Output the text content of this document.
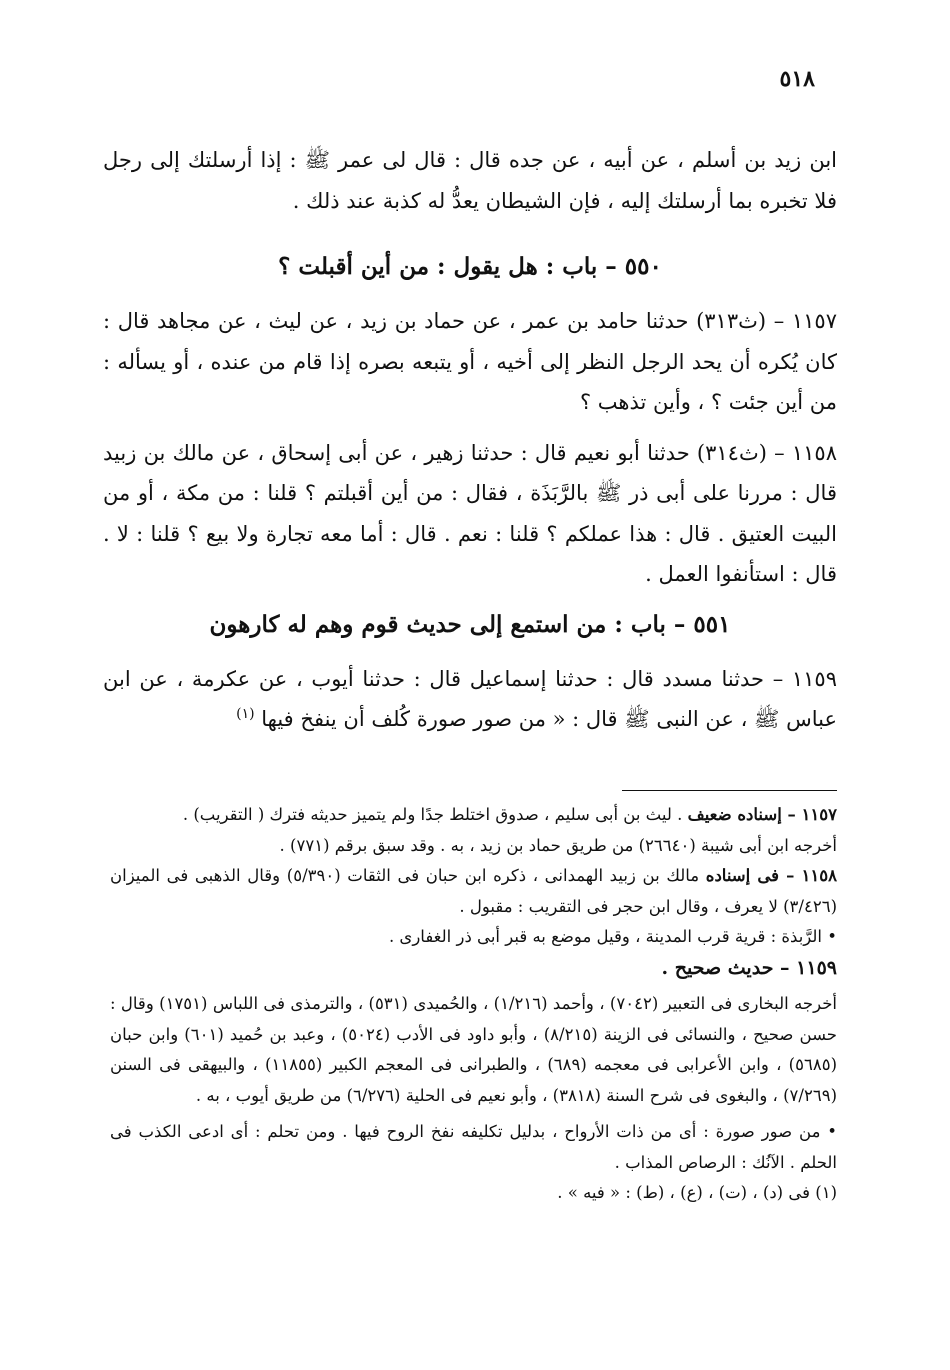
٥١٨

ابن زيد بن أسلم ، عن أبيه ، عن جده قال : قال لى عمر ﷺ : إذا أرسلتك إلى رجل فلا تخبره بما أرسلتك إليه ، فإن الشيطان يعدُّ له كذبة عند ذلك .

٥٥٠ – باب : هل يقول : من أين أقبلت ؟

١١٥٧ – (ث٣١٣) حدثنا حامد بن عمر ، عن حماد بن زيد ، عن ليث ، عن مجاهد قال : كان يُكره أن يحد الرجل النظر إلى أخيه ، أو يتبعه بصره إذا قام من عنده ، أو يسأله : من أين جئت ؟ ، وأين تذهب ؟

١١٥٨ – (ث٣١٤) حدثنا أبو نعيم قال : حدثنا زهير ، عن أبى إسحاق ، عن مالك بن زبيد قال : مررنا على أبى ذر ﷺ بالرَّبَذَة ، فقال : من أين أقبلتم ؟ قلنا : من مكة ، أو من البيت العتيق . قال : هذا عملكم ؟ قلنا : نعم . قال : أما معه تجارة ولا بيع ؟ قلنا : لا . قال : استأنفوا العمل .

٥٥١ – باب : من استمع إلى حديث قوم وهم له كارهون

١١٥٩ – حدثنا مسدد قال : حدثنا إسماعيل قال : حدثنا أيوب ، عن عكرمة ، عن ابن عباس ﷺ ، عن النبى ﷺ قال : « من صور صورة كُلف أن ينفخ فيها $^{(١)}$

١١٥٧ – إسناده ضعيف . ليث بن أبى سليم ، صدوق اختلط جدًا ولم يتميز حديثه فترك ( التقريب) .

أخرجه ابن أبى شيبة (٢٦٦٤٠) من طريق حماد بن زيد ، به . وقد سبق برقم (٧٧١) .

١١٥٨ – فى إسناده مالك بن زبيد الهمدانى ، ذكره ابن حبان فى الثقات (٥/٣٩٠) وقال الذهبى فى الميزان (٣/٤٢٦) لا يعرف ، وقال ابن حجر فى التقريب : مقبول .

• الرَّبذة : قرية قرب المدينة ، وقيل موضع به قبر أبى ذر الغفارى .

١١٥٩ – حديث صحيح .

أخرجه البخارى فى التعبير (٧٠٤٢) ، وأحمد (١/٢١٦) ، والحُميدى (٥٣١) ، والترمذى فى اللباس (١٧٥١) وقال : حسن صحيح ، والنسائى فى الزينة (٨/٢١٥) ، وأبو داود فى الأدب (٥٠٢٤) ، وعبد بن حُميد (٦٠١) وابن حبان (٥٦٨٥) ، وابن الأعرابى فى معجمه (٦٨٩) ، والطبرانى فى المعجم الكبير (١١٨٥٥) ، والبيهقى فى السنن (٧/٢٦٩) ، والبغوى فى شرح السنة (٣٨١٨) ، وأبو نعيم فى الحلية (٦/٢٧٦) من طريق أيوب ، به .

• من صور صورة : أى من ذات الأرواح ، بدليل تكليفه نفخ الروح فيها . ومن تحلم : أى ادعى الكذب فى الحلم . الآنُك : الرصاص المذاب .

(١) فى (د) ، (ت) ، (ع) ، (ط) : « فيه » .
